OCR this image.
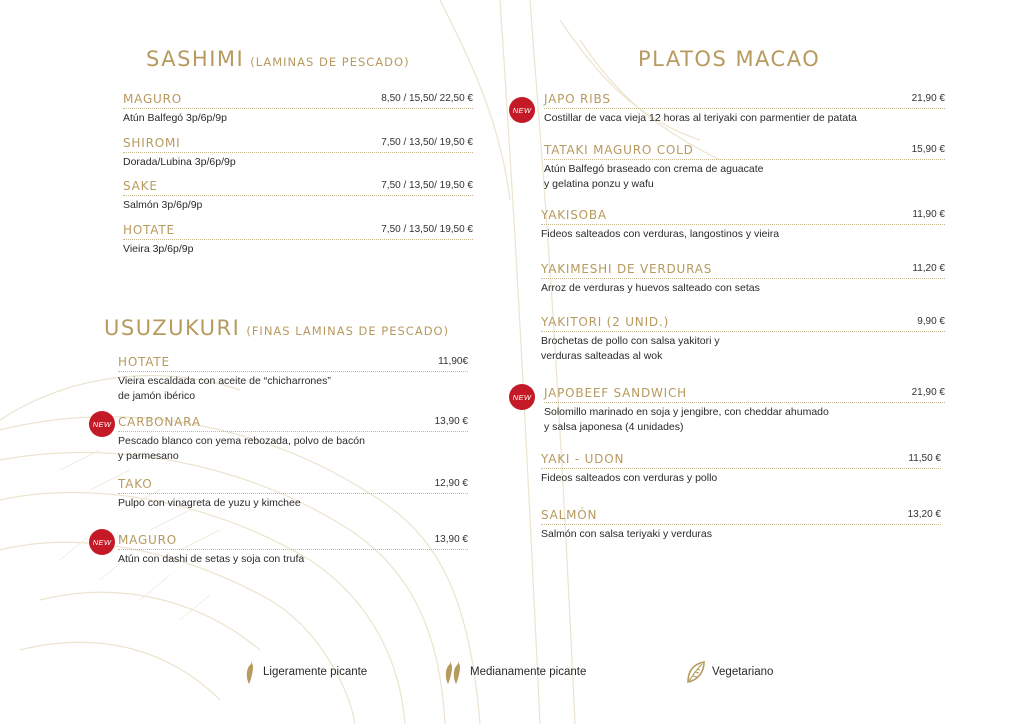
SASHIMI (LAMINAS DE PESCADO)
MAGURO	8,50 / 15,50/ 22,50 €
Atún Balfegó 3p/6p/9p
SHIROMI	7,50 / 13,50/ 19,50 €
Dorada/Lubina 3p/6p/9p
SAKE	7,50 / 13,50/ 19,50 €
Salmón 3p/6p/9p
HOTATE	7,50 / 13,50/ 19,50 €
Vieira 3p/6p/9p
USUZUKURI (FINAS LAMINAS DE PESCADO)
HOTATE	11,90€
Vieira escaldada con aceite de “chicharrones”
de jamón ibérico
NEW CARBONARA	13,90 €
Pescado blanco con yema rebozada, polvo de bacón
y parmesano
TAKO	12,90 €
Pulpo con vinagreta de yuzu y kimchee
NEW MAGURO	13,90 €
Atún con dashi de setas y soja con trufa
PLATOS MACAO
NEW
JAPO RIBS	21,90 €
Costillar de vaca vieja 12 horas al teriyaki con parmentier de patata
TATAKI MAGURO COLD	15,90 €
Atún Balfegó braseado con crema de aguacate
y gelatina ponzu y wafu
YAKISOBA	11,90 €
Fideos salteados con verduras, langostinos y vieira
YAKIMESHI DE VERDURAS	11,20 €
Arroz de verduras y huevos salteado con setas
YAKITORI (2 UNID.)	9,90 €
Brochetas de pollo con salsa yakitori y
verduras salteadas al wok
NEW	JAPOBEEF SANDWICH	21,90 €
Solomillo marinado en soja y jengibre, con cheddar ahumado
y salsa japonesa (4 unidades)
YAKI - UDON	11,50 €
Fideos salteados con verduras y pollo
SALMÓN	13,20 €
Salmón con salsa teriyaki y verduras
Ligeramente picante	Medianamente picante	Vegetariano
